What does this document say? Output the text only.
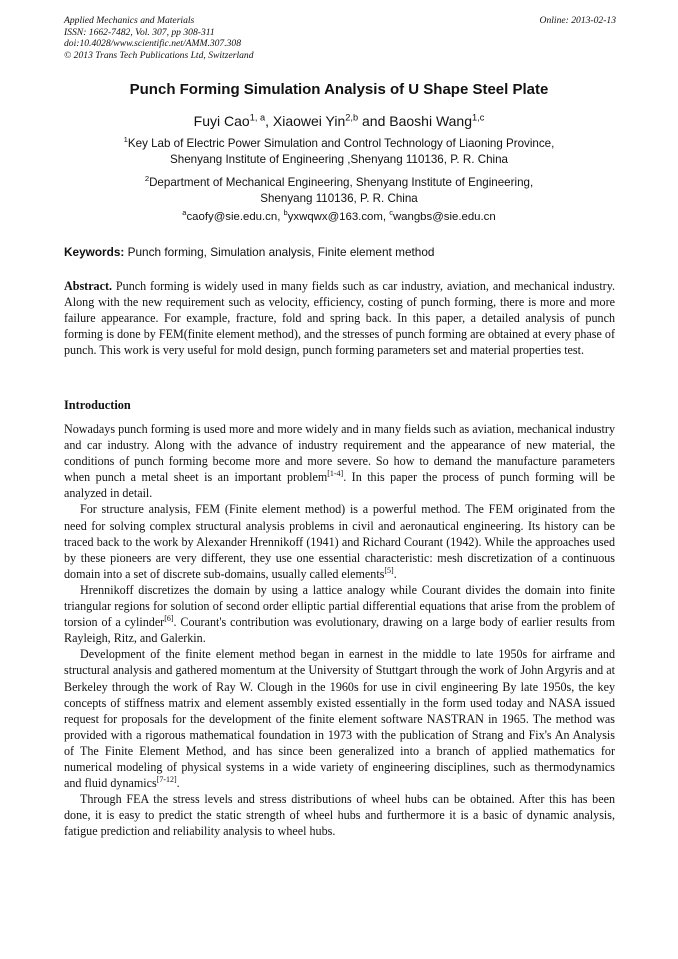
Applied Mechanics and Materials
ISSN: 1662-7482, Vol. 307, pp 308-311
doi:10.4028/www.scientific.net/AMM.307.308
© 2013 Trans Tech Publications Ltd, Switzerland
Online: 2013-02-13
Punch Forming Simulation Analysis of U Shape Steel Plate
Fuyi Cao$^{1, a}$, Xiaowei Yin$^{2,b}$ and Baoshi Wang$^{1,c}$
$^1$Key Lab of Electric Power Simulation and Control Technology of Liaoning Province,
Shenyang Institute of Engineering ,Shenyang 110136, P. R. China
$^2$Department of Mechanical Engineering, Shenyang Institute of Engineering,
Shenyang 110136, P. R. China
$^a$caofy@sie.edu.cn, $^b$yxwqwx@163.com, $^c$wangbs@sie.edu.cn
Keywords: Punch forming, Simulation analysis, Finite element method
Abstract. Punch forming is widely used in many fields such as car industry, aviation, and mechanical industry. Along with the new requirement such as velocity, efficiency, costing of punch forming, there is more and more failure appearance. For example, fracture, fold and spring back. In this paper, a detailed analysis of punch forming is done by FEM(finite element method), and the stresses of punch forming are obtained at every phase of punch. This work is very useful for mold design, punch forming parameters set and material properties test.
Introduction

Nowadays punch forming is used more and more widely and in many fields such as aviation, mechanical industry and car industry. Along with the advance of industry requirement and the appearance of new material, the conditions of punch forming become more and more severe. So how to demand the manufacture parameters when punch a metal sheet is an important problem[1-4]. In this paper the process of punch forming will be analyzed in detail.

For structure analysis, FEM (Finite element method) is a powerful method. The FEM originated from the need for solving complex structural analysis problems in civil and aeronautical engineering. Its history can be traced back to the work by Alexander Hrennikoff (1941) and Richard Courant (1942). While the approaches used by these pioneers are very different, they use one essential characteristic: mesh discretization of a continuous domain into a set of discrete sub-domains, usually called elements[5].

Hrennikoff discretizes the domain by using a lattice analogy while Courant divides the domain into finite triangular regions for solution of second order elliptic partial differential equations that arise from the problem of torsion of a cylinder[6]. Courant's contribution was evolutionary, drawing on a large body of earlier results from Rayleigh, Ritz, and Galerkin.

Development of the finite element method began in earnest in the middle to late 1950s for airframe and structural analysis and gathered momentum at the University of Stuttgart through the work of John Argyris and at Berkeley through the work of Ray W. Clough in the 1960s for use in civil engineering By late 1950s, the key concepts of stiffness matrix and element assembly existed essentially in the form used today and NASA issued request for proposals for the development of the finite element software NASTRAN in 1965. The method was provided with a rigorous mathematical foundation in 1973 with the publication of Strang and Fix's An Analysis of The Finite Element Method, and has since been generalized into a branch of applied mathematics for numerical modeling of physical systems in a wide variety of engineering disciplines, such as thermodynamics and fluid dynamics[7-12].

Through FEA the stress levels and stress distributions of wheel hubs can be obtained. After this has been done, it is easy to predict the static strength of wheel hubs and furthermore it is a basic of dynamic analysis, fatigue prediction and reliability analysis to wheel hubs.
